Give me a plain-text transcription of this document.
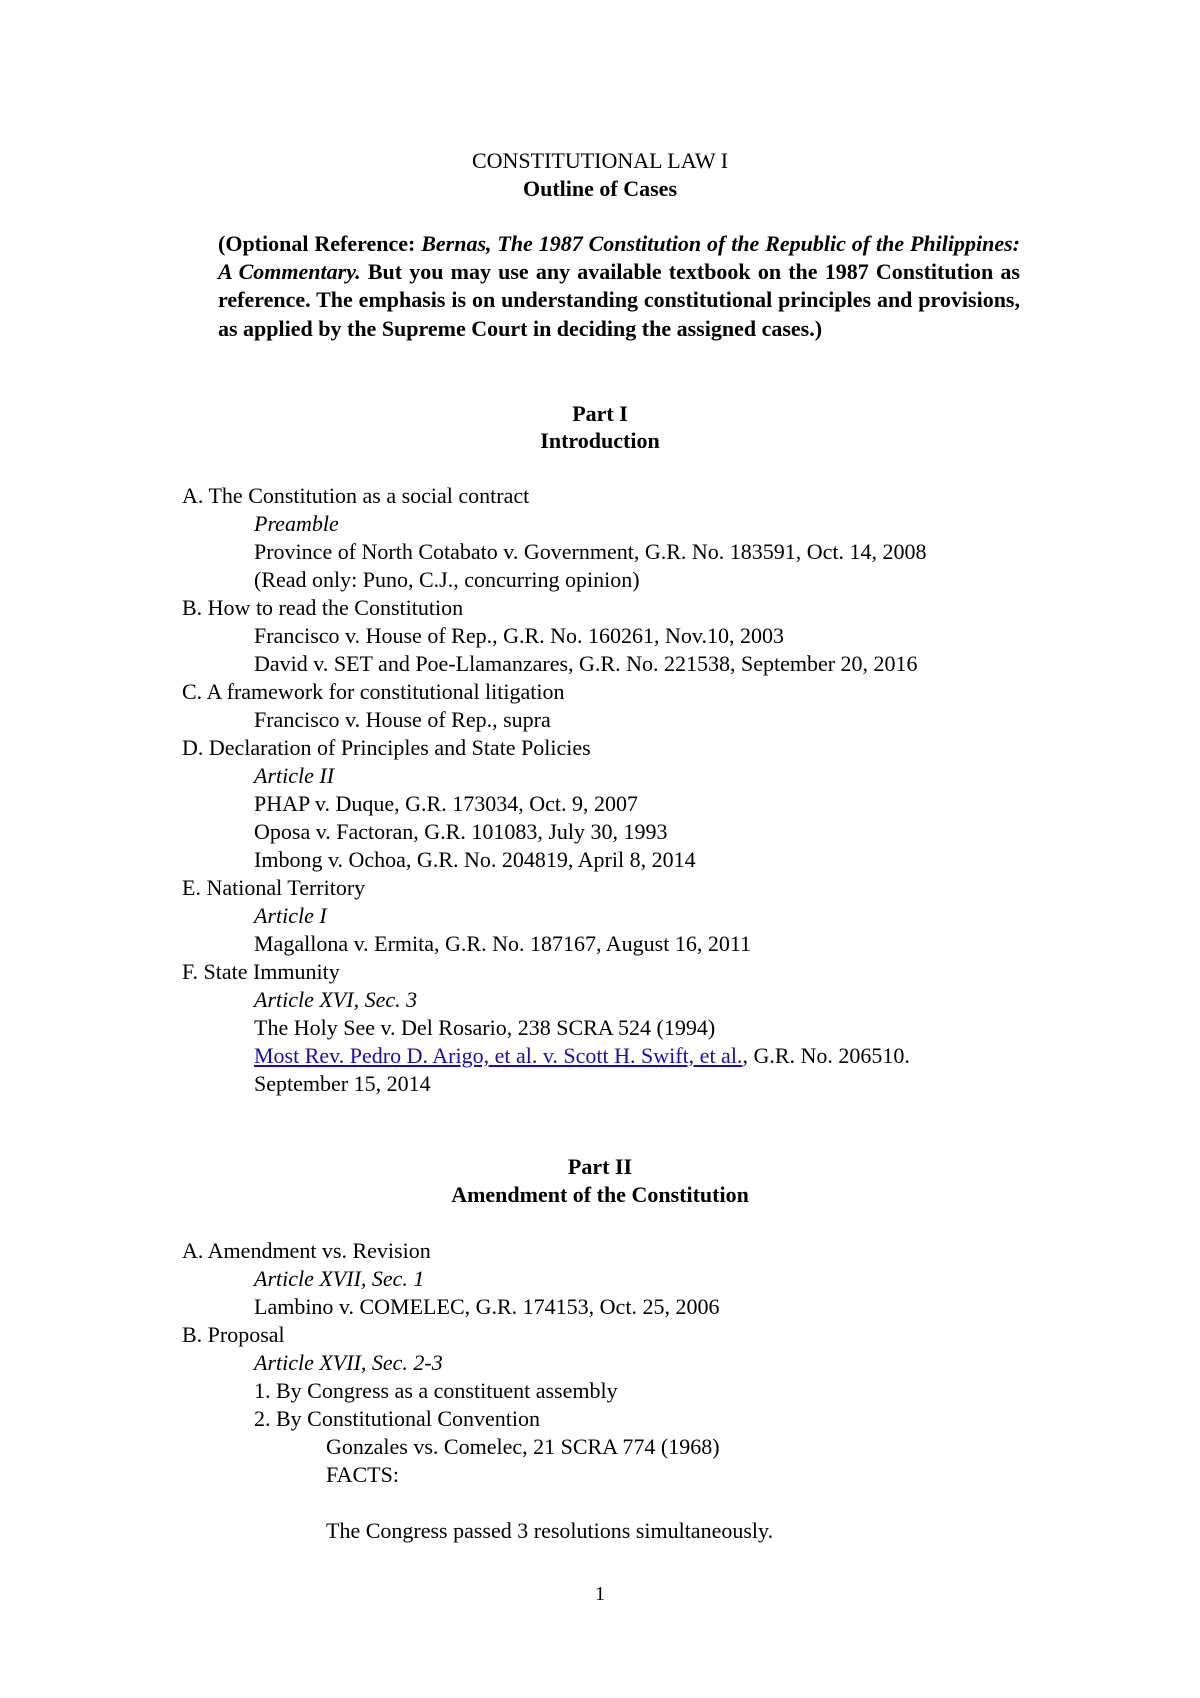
CONSTITUTIONAL LAW I
Outline of Cases
(Optional Reference: Bernas, The 1987 Constitution of the Republic of the Philippines: A Commentary. But you may use any available textbook on the 1987 Constitution as reference. The emphasis is on understanding constitutional principles and provisions, as applied by the Supreme Court in deciding the assigned cases.)
Part I
Introduction
A. The Constitution as a social contract
Preamble
Province of North Cotabato v. Government, G.R. No. 183591, Oct. 14, 2008
(Read only: Puno, C.J., concurring opinion)
B. How to read the Constitution
Francisco v. House of Rep., G.R. No. 160261, Nov.10, 2003
David v. SET and Poe-Llamanzares, G.R. No. 221538, September 20, 2016
C. A framework for constitutional litigation
Francisco v. House of Rep., supra
D. Declaration of Principles and State Policies
Article II
PHAP v. Duque, G.R. 173034, Oct. 9, 2007
Oposa v. Factoran, G.R. 101083, July 30, 1993
Imbong v. Ochoa, G.R. No. 204819, April 8, 2014
E. National Territory
Article I
Magallona v. Ermita, G.R. No. 187167, August 16, 2011
F. State Immunity
Article XVI, Sec. 3
The Holy See v. Del Rosario, 238 SCRA 524 (1994)
Most Rev. Pedro D. Arigo, et al. v. Scott H. Swift, et al., G.R. No. 206510.
September 15, 2014
Part II
Amendment of the Constitution
A. Amendment vs. Revision
Article XVII, Sec. 1
Lambino v. COMELEC, G.R. 174153, Oct. 25, 2006
B. Proposal
Article XVII, Sec. 2-3
1. By Congress as a constituent assembly
2. By Constitutional Convention
Gonzales vs. Comelec, 21 SCRA 774 (1968)
FACTS:
The Congress passed 3 resolutions simultaneously.
1
